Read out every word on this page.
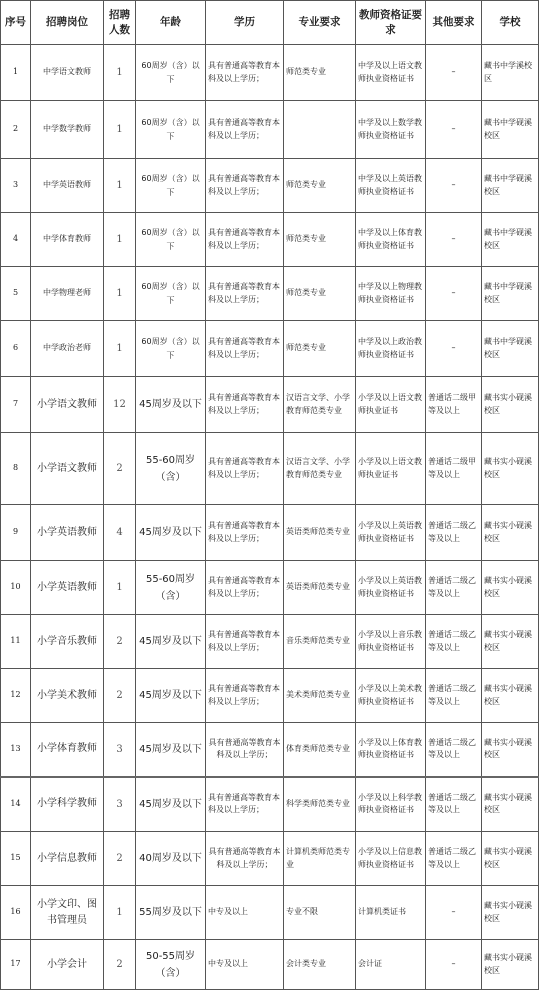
序号	招聘岗位	招聘人数	年龄	学历	专业要求	教师资格证要求	其他要求	学校
1	中学语文教师	1	60周岁（含）以下	具有普通高等教育本科及以上学历；	师范类专业	中学及以上语文教师执业资格证书	–	藏书中学溪校区
2	中学数学教师	1	60周岁（含）以下	具有普通高等教育本科及以上学历；		中学及以上数学教师执业资格证书	–	藏书中学砚溪校区
3	中学英语教师	1	60周岁（含）以下	具有普通高等教育本科及以上学历；	师范类专业	中学及以上英语教师执业资格证书	–	藏书中学砚溪校区
4	中学体育教师	1	60周岁（含）以下	具有普通高等教育本科及以上学历；	师范类专业	中学及以上体育教师执业资格证书	–	藏书中学砚溪校区
5	中学物理老师	1	60周岁（含）以下	具有普通高等教育本科及以上学历；	师范类专业	中学及以上物理教师执业资格证书	–	藏书中学砚溪校区
6	中学政治老师	1	60周岁（含）以下	具有普通高等教育本科及以上学历；	师范类专业	中学及以上政治教师执业资格证书	–	藏书中学砚溪校区
7	小学语文教师	12	45周岁及以下	具有普通高等教育本科及以上学历；	汉语言文学、小学教育师范类专业	小学及以上语文教师执业证书	普通话二级甲等及以上	藏书实小砚溪校区
8	小学语文教师	2	55-60周岁（含）	具有普通高等教育本科及以上学历；	汉语言文学、小学教育师范类专业	小学及以上语文教师执业证书	普通话二级甲等及以上	藏书实小砚溪校区
9	小学英语教师	4	45周岁及以下	具有普通高等教育本科及以上学历；	英语类师范类专业	小学及以上英语教师执业资格证书	普通话二级乙等及以上	藏书实小砚溪校区
10	小学英语教师	1	55-60周岁（含）	具有普通高等教育本科及以上学历；	英语类师范类专业	小学及以上英语教师执业资格证书	普通话二级乙等及以上	藏书实小砚溪校区
11	小学音乐教师	2	45周岁及以下	具有普通高等教育本科及以上学历；	音乐类师范类专业	小学及以上音乐教师执业资格证书	普通话二级乙等及以上	藏书实小砚溪校区
12	小学美术教师	2	45周岁及以下	具有普通高等教育本科及以上学历；	美术类师范类专业	小学及以上美术教师执业资格证书	普通话二级乙等及以上	藏书实小砚溪校区
13	小学体育教师	3	45周岁及以下	具有普通高等教育本科及以上学历；	体育类师范类专业	小学及以上体育教师执业资格证书	普通话二级乙等及以上	藏书实小砚溪校区
14	小学科学教师	3	45周岁及以下	具有普通高等教育本科及以上学历；	科学类师范类专业	小学及以上科学教师执业资格证书	普通话二级乙等及以上	藏书实小砚溪校区
15	小学信息教师	2	40周岁及以下	具有普通高等教育本科及以上学历；	计算机类师范类专业	小学及以上信息教师执业资格证书	普通话二级乙等及以上	藏书实小砚溪校区
16	小学文印、图书管理员	1	55周岁及以下	中专及以上	专业不限	计算机类证书	–	藏书实小砚溪校区
17	小学会计	2	50-55周岁（含）	中专及以上	会计类专业	会计证	–	藏书实小砚溪校区
